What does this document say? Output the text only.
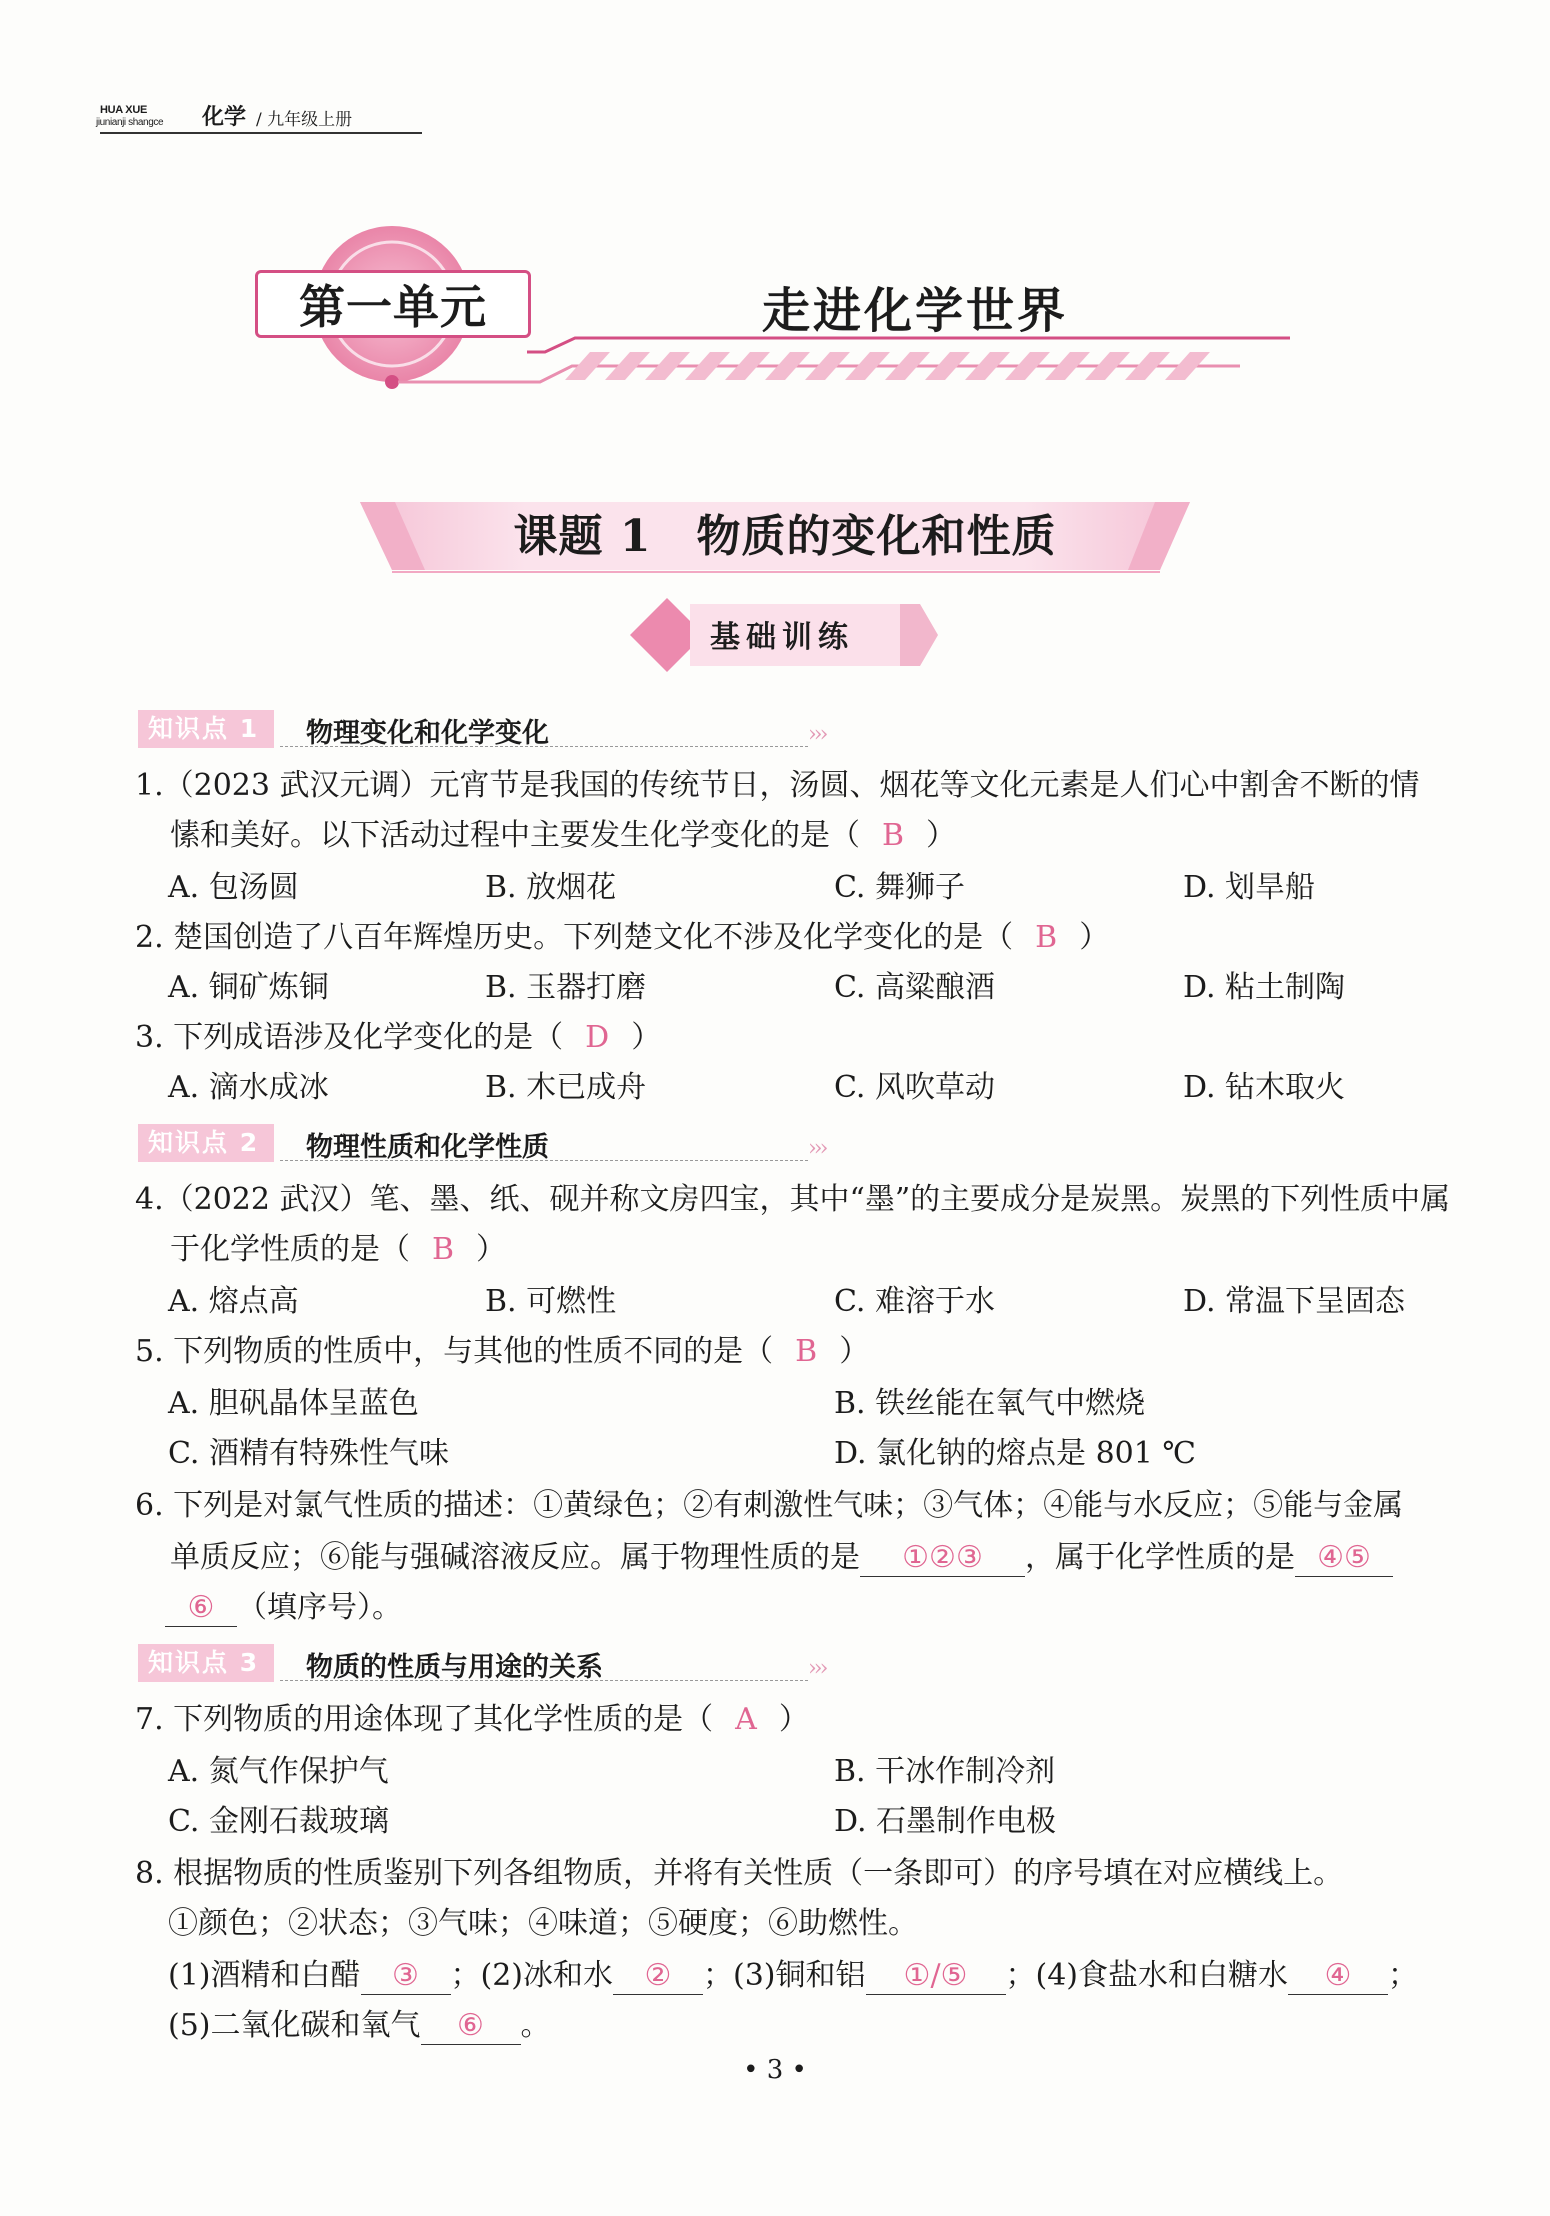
HUA XUE
jiunianji shangce 化学 / 九年级上册
第一单元	走进化学世界
课题 1　物质的变化和性质
基础训练
知识点 1	物理变化和化学变化	›››
1.（2023 武汉元调）元宵节是我国的传统节日，汤圆、烟花等文化元素是人们心中割舍不断的情
愫和美好。以下活动过程中主要发生化学变化的是（ B ）
A. 包汤圆	B. 放烟花	C. 舞狮子	D. 划旱船
2. 楚国创造了八百年辉煌历史。下列楚文化不涉及化学变化的是（ B ）
A. 铜矿炼铜	B. 玉器打磨	C. 高粱酿酒	D. 粘土制陶
3. 下列成语涉及化学变化的是（ D ）
A. 滴水成冰	B. 木已成舟	C. 风吹草动	D. 钻木取火
知识点 2	物理性质和化学性质	›››
4.（2022 武汉）笔、墨、纸、砚并称文房四宝，其中“墨”的主要成分是炭黑。炭黑的下列性质中属
于化学性质的是（ B ）
A. 熔点高	B. 可燃性	C. 难溶于水	D. 常温下呈固态
5. 下列物质的性质中，与其他的性质不同的是（ B ）
A. 胆矾晶体呈蓝色	B. 铁丝能在氧气中燃烧
C. 酒精有特殊性气味	D. 氯化钠的熔点是 801 ℃
6. 下列是对氯气性质的描述：①黄绿色；②有刺激性气味；③气体；④能与水反应；⑤能与金属
单质反应；⑥能与强碱溶液反应。属于物理性质的是 ①②③ ，属于化学性质的是 ④⑤
⑥ （填序号）。
知识点 3	物质的性质与用途的关系	›››
7. 下列物质的用途体现了其化学性质的是（ A ）
A. 氮气作保护气	B. 干冰作制冷剂
C. 金刚石裁玻璃	D. 石墨制作电极
8. 根据物质的性质鉴别下列各组物质，并将有关性质（一条即可）的序号填在对应横线上。
①颜色；②状态；③气味；④味道；⑤硬度；⑥助燃性。
(1)酒精和白醋 ③ ；(2)冰和水 ② ；(3)铜和铝 ①/⑤ ；(4)食盐水和白糖水 ④ ；
(5)二氧化碳和氧气 ⑥ 。
• 3 •
